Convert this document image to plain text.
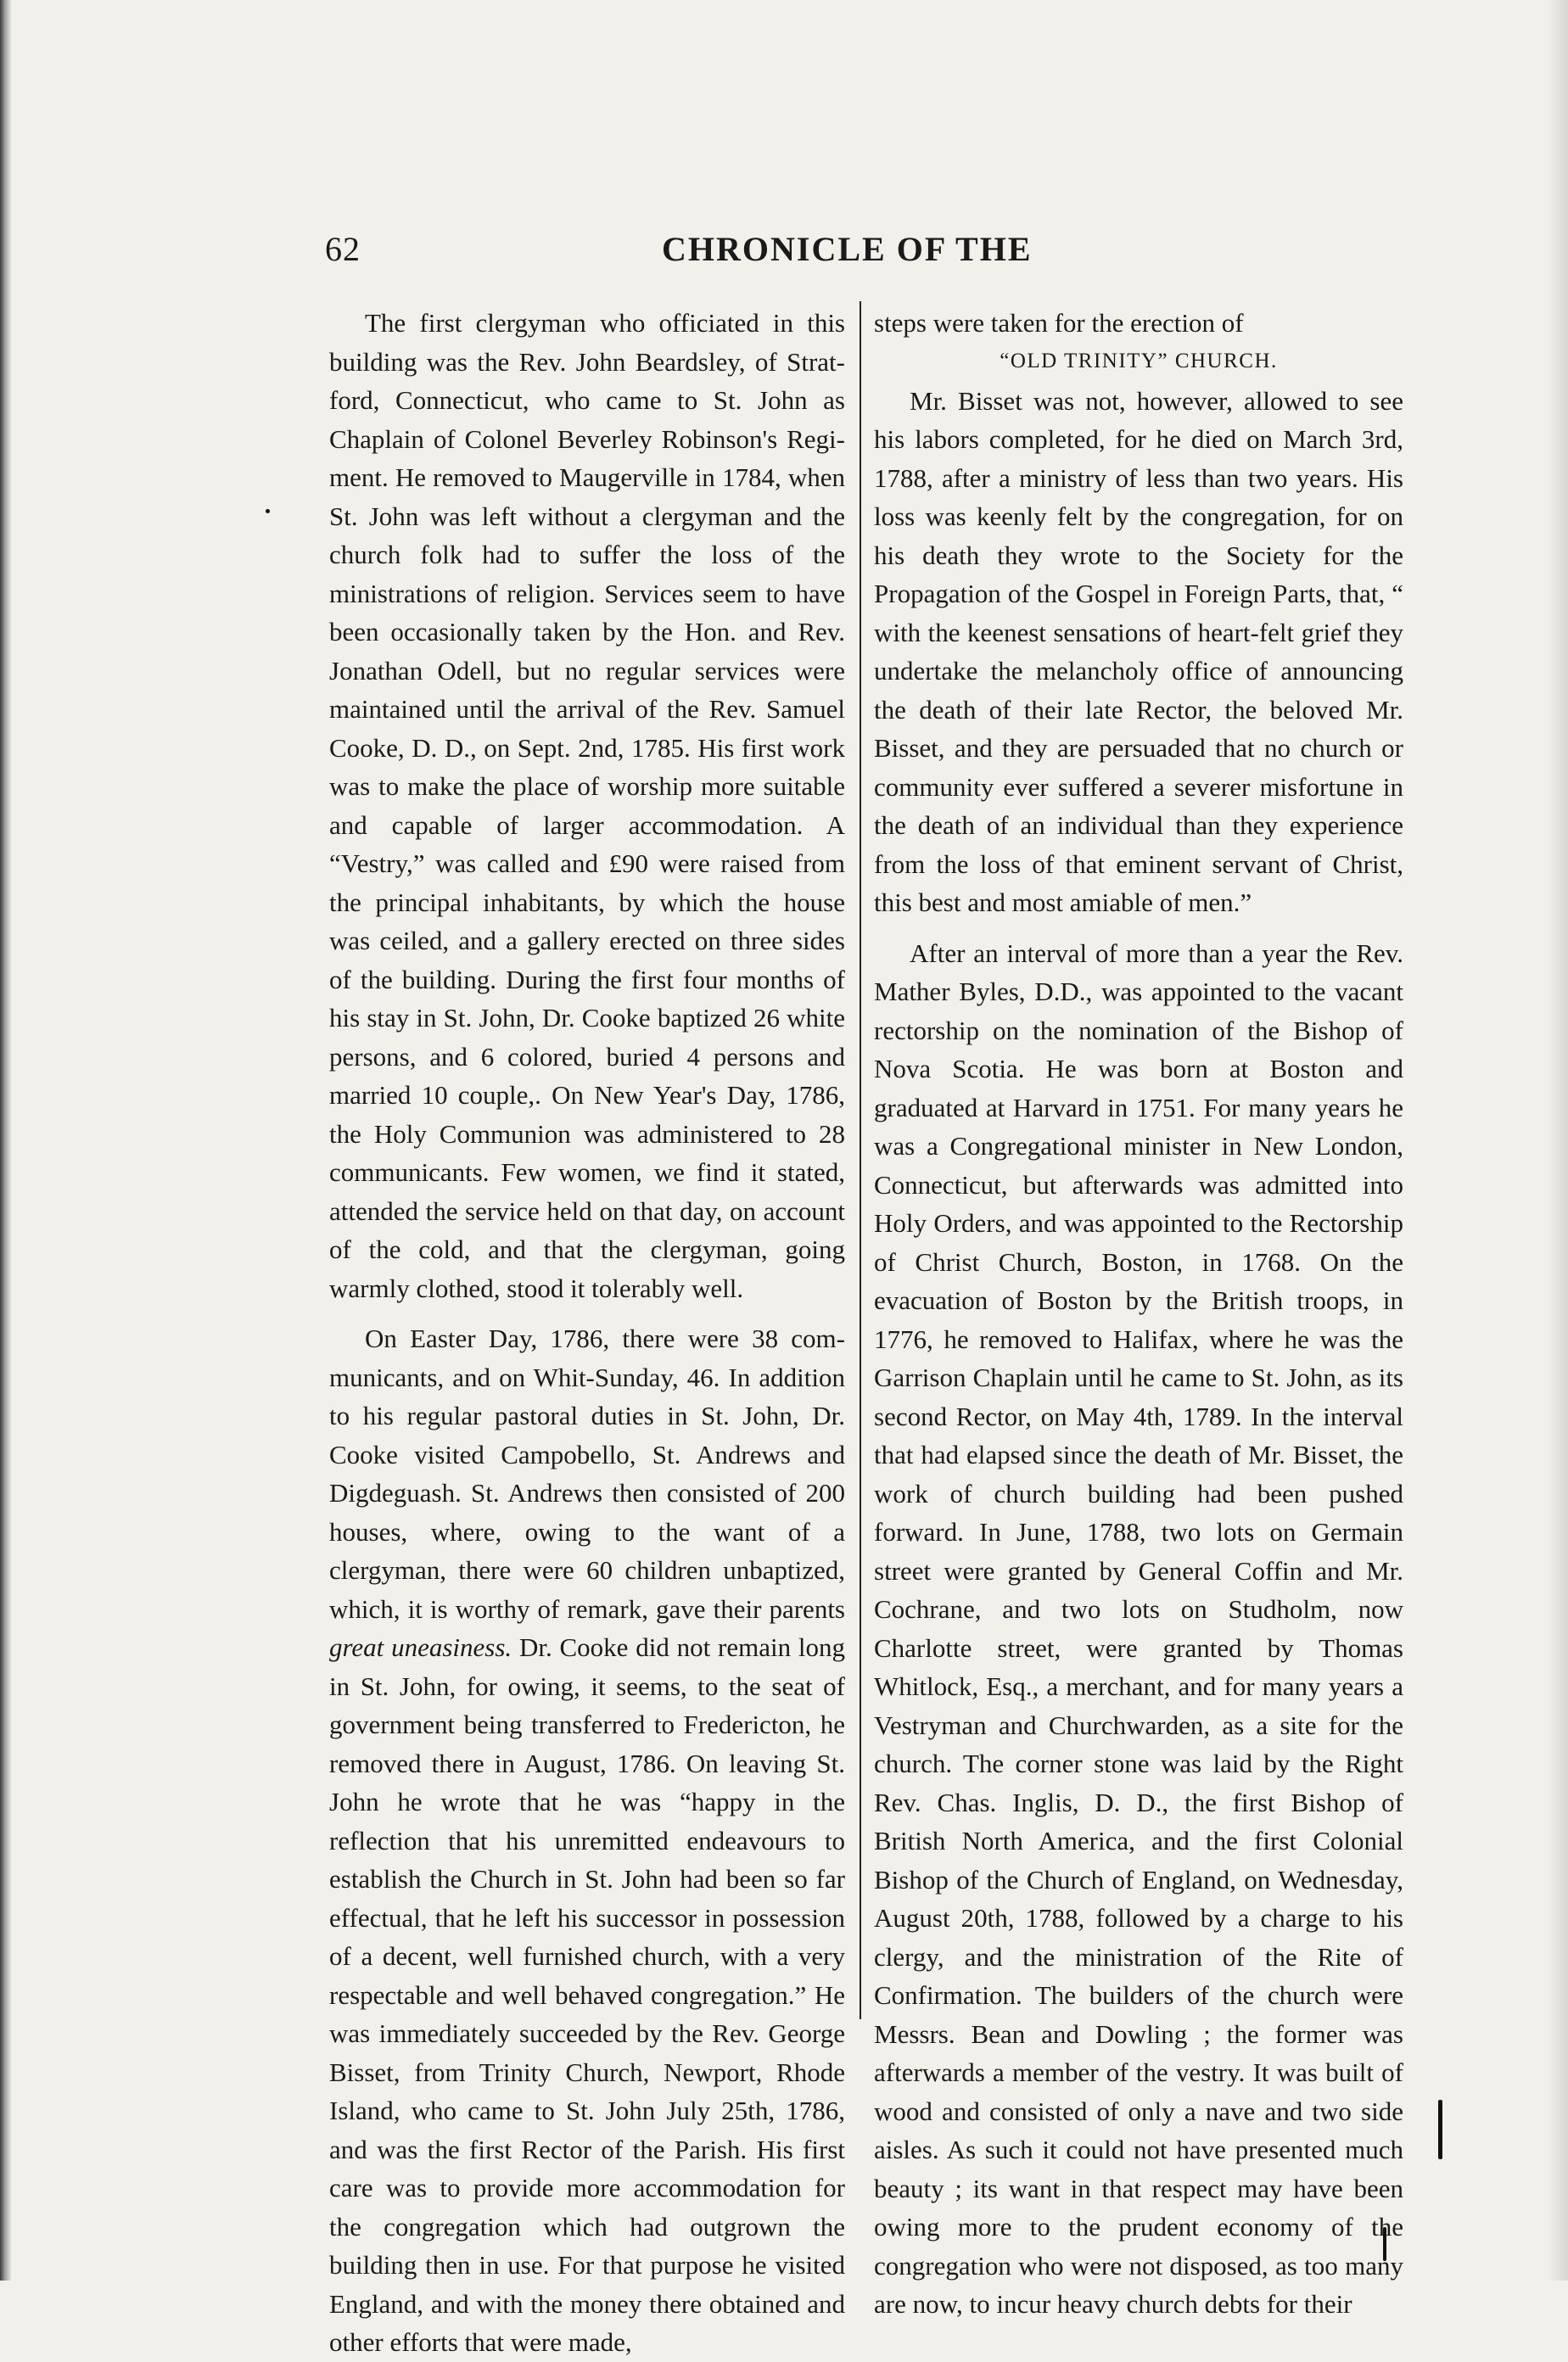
62	CHRONICLE OF THE

The first clergyman who officiated in this building was the Rev. John Beardsley, of Stratford, Connecticut, who came to St. John as Chaplain of Colonel Beverley Robinson's Regiment. He removed to Maugerville in 1784, when St. John was left without a clergyman and the church folk had to suffer the loss of the ministrations of religion. Services seem to have been occasionally taken by the Hon. and Rev. Jonathan Odell, but no regular services were maintained until the arrival of the Rev. Samuel Cooke, D. D., on Sept. 2nd, 1785. His first work was to make the place of worship more suitable and capable of larger accommodation. A “Vestry,” was called and £90 were raised from the principal inhabitants, by which the house was ceiled, and a gallery erected on three sides of the building. During the first four months of his stay in St. John, Dr. Cooke baptized 26 white persons, and 6 colored, buried 4 persons and married 10 couple,. On New Year's Day, 1786, the Holy Communion was administered to 28 communicants. Few women, we find it stated, attended the service held on that day, on account of the cold, and that the clergyman, going warmly clothed, stood it tolerably well.

On Easter Day, 1786, there were 38 communicants, and on Whit-Sunday, 46. In addition to his regular pastoral duties in St. John, Dr. Cooke visited Campobello, St. Andrews and Digdeguash. St. Andrews then consisted of 200 houses, where, owing to the want of a clergyman, there were 60 children unbaptized, which, it is worthy of remark, gave their parents great uneasiness. Dr. Cooke did not remain long in St. John, for owing, it seems, to the seat of government being transferred to Fredericton, he removed there in August, 1786. On leaving St. John he wrote that he was “happy in the reflection that his unremitted endeavours to establish the Church in St. John had been so far effectual, that he left his successor in possession of a decent, well furnished church, with a very respectable and well behaved congregation.” He was immediately succeeded by the Rev. George Bisset, from Trinity Church, Newport, Rhode Island, who came to St. John July 25th, 1786, and was the first Rector of the Parish. His first care was to provide more accommodation for the congregation which had outgrown the building then in use. For that purpose he visited England, and with the money there obtained and other efforts that were made,

steps were taken for the erection of

“OLD TRINITY” CHURCH.

Mr. Bisset was not, however, allowed to see his labors completed, for he died on March 3rd, 1788, after a ministry of less than two years. His loss was keenly felt by the congregation, for on his death they wrote to the Society for the Propagation of the Gospel in Foreign Parts, that, “ with the keenest sensations of heart-felt grief they undertake the melancholy office of announcing the death of their late Rector, the beloved Mr. Bisset, and they are persuaded that no church or community ever suffered a severer misfortune in the death of an individual than they experience from the loss of that eminent servant of Christ, this best and most amiable of men.”

After an interval of more than a year the Rev. Mather Byles, D.D., was appointed to the vacant rectorship on the nomination of the Bishop of Nova Scotia. He was born at Boston and graduated at Harvard in 1751. For many years he was a Congregational minister in New London, Connecticut, but afterwards was admitted into Holy Orders, and was appointed to the Rectorship of Christ Church, Boston, in 1768. On the evacuation of Boston by the British troops, in 1776, he removed to Halifax, where he was the Garrison Chaplain until he came to St. John, as its second Rector, on May 4th, 1789. In the interval that had elapsed since the death of Mr. Bisset, the work of church building had been pushed forward. In June, 1788, two lots on Germain street were granted by General Coffin and Mr. Cochrane, and two lots on Studholm, now Charlotte street, were granted by Thomas Whitlock, Esq., a merchant, and for many years a Vestryman and Churchwarden, as a site for the church. The corner stone was laid by the Right Rev. Chas. Inglis, D. D., the first Bishop of British North America, and the first Colonial Bishop of the Church of England, on Wednesday, August 20th, 1788, followed by a charge to his clergy, and the ministration of the Rite of Confirmation. The builders of the church were Messrs. Bean and Dowling ; the former was afterwards a member of the vestry. It was built of wood and consisted of only a nave and two side aisles. As such it could not have presented much beauty ; its want in that respect may have been owing more to the prudent economy of the congregation who were not disposed, as too many are now, to incur heavy church debts for their
